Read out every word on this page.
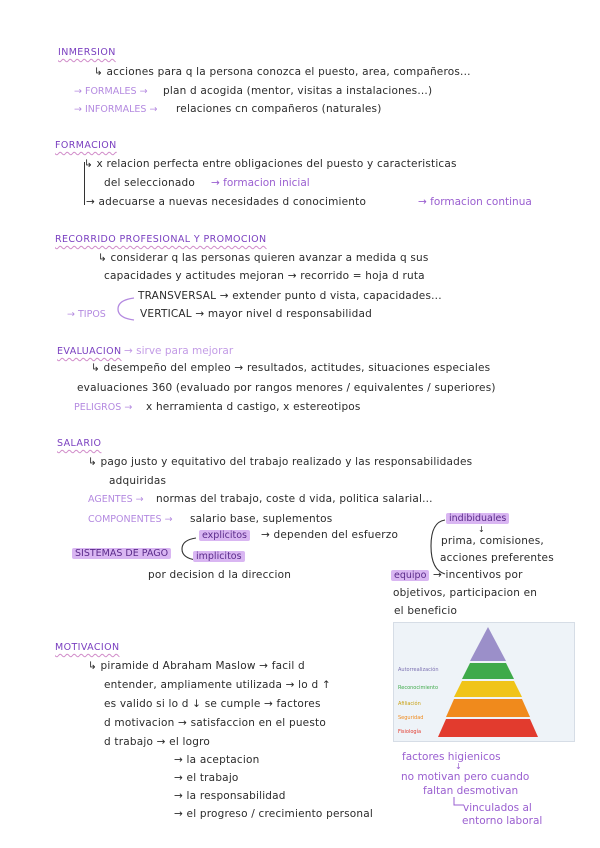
INMERSION
↳ acciones para q la persona conozca el puesto, area, compañeros...
→ FORMALES → plan d acogida (mentor, visitas a instalaciones...)
→ INFORMALES → relaciones cn compañeros (naturales)
FORMACION
↳ x relacion perfecta entre obligaciones del puesto y caracteristicas
del seleccionado → formacion inicial
→ adecuarse a nuevas necesidades d conocimiento	→ formacion continua
RECORRIDO PROFESIONAL Y PROMOCION
↳ considerar q las personas quieren avanzar a medida q sus
capacidades y actitudes mejoran → recorrido = hoja d ruta
→ TIPOS
TRANSVERSAL → extender punto d vista, capacidades...
VERTICAL → mayor nivel d responsabilidad
EVALUACION → sirve para mejorar
↳ desempeño del empleo → resultados, actitudes, situaciones especiales
evaluaciones 360 (evaluado por rangos menores / equivalentes / superiores)
PELIGROS → x herramienta d castigo, x estereotipos
SALARIO
↳ pago justo y equitativo del trabajo realizado y las responsabilidades
adquiridas
AGENTES → normas del trabajo, coste d vida, politica salarial...
COMPONENTES → salario base, suplementos
SISTEMAS DE PAGO
explicitos → dependen del esfuerzo
implicitos
por decision d la direccion
indibiduales
↓
prima, comisiones,
acciones preferentes
equipo → incentivos por
objetivos, participacion en
el beneficio
MOTIVACION
↳ piramide d Abraham Maslow → facil d
entender, ampliamente utilizada → lo d ↑
es valido si lo d ↓ se cumple → factores
d motivacion → satisfaccion en el puesto
d trabajo → el logro
→ la aceptacion
→ el trabajo
→ la responsabilidad
→ el progreso / crecimiento personal
Autorrealización
Reconocimiento
Afiliación
Seguridad
Fisiología
factores higienicos
↓
no motivan pero cuando
faltan desmotivan
vinculados al
entorno laboral
